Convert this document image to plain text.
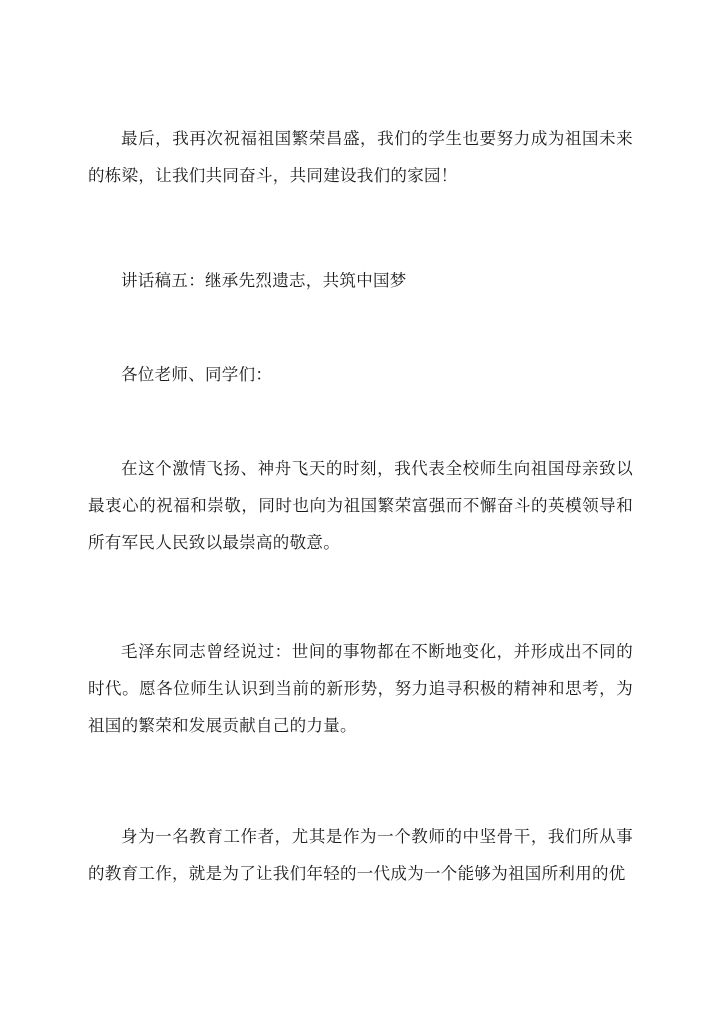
最后，我再次祝福祖国繁荣昌盛，我们的学生也要努力成为祖国未来的栋梁，让我们共同奋斗，共同建设我们的家园！

讲话稿五：继承先烈遗志，共筑中国梦

各位老师、同学们：

在这个激情飞扬、神舟飞天的时刻，我代表全校师生向祖国母亲致以最衷心的祝福和崇敬，同时也向为祖国繁荣富强而不懈奋斗的英模领导和所有军民人民致以最崇高的敬意。

毛泽东同志曾经说过：世间的事物都在不断地变化，并形成出不同的时代。愿各位师生认识到当前的新形势，努力追寻积极的精神和思考，为祖国的繁荣和发展贡献自己的力量。

身为一名教育工作者，尤其是作为一个教师的中坚骨干，我们所从事的教育工作，就是为了让我们年轻的一代成为一个能够为祖国所利用的优
